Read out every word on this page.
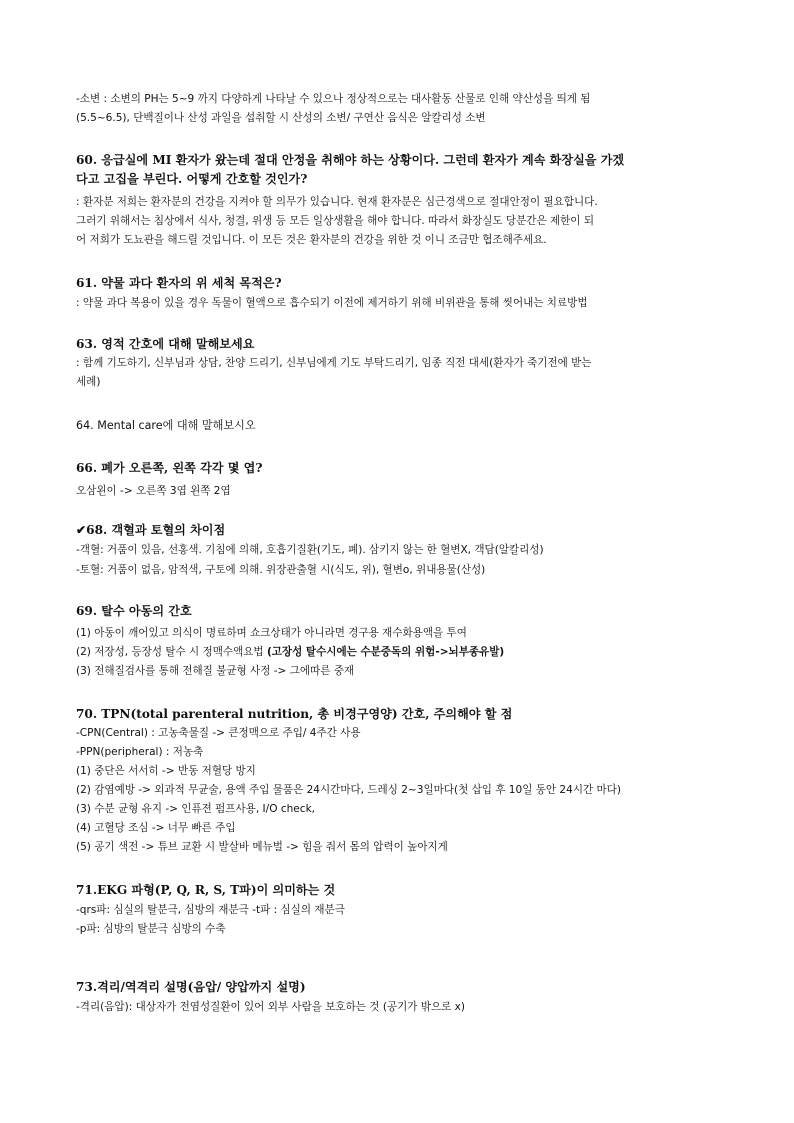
-소변 : 소변의 PH는 5~9 까지 다양하게 나타날 수 있으나 정상적으로는 대사활동 산물로 인해 약산성을 띄게 됨
(5.5~6.5), 단백질이나 산성 과일을 섭취할 시 산성의 소변/ 구연산 음식은 알칼리성 소변
60. 응급실에 MI 환자가 왔는데 절대 안정을 취해야 하는 상황이다. 그런데 환자가 계속 화장실을 가겠
다고 고집을 부린다. 어떻게 간호할 것인가?
: 환자분 저희는 환자분의 건강을 지켜야 할 의무가 있습니다. 현재 환자분은 심근경색으로 절대안정이 필요합니다.
그러기 위해서는 침상에서 식사, 청결, 위생 등 모든 일상생활을 해야 합니다. 따라서 화장실도 당분간은 제한이 되
어 저희가 도뇨관을 해드릴 것입니다. 이 모든 것은 환자분의 건강을 위한 것 이니 조금만 협조해주세요.
61. 약물 과다 환자의 위 세척 목적은?
: 약물 과다 복용이 있을 경우 독물이 혈액으로 흡수되기 이전에 제거하기 위해 비위관을 통해 씻어내는 치료방법
63. 영적 간호에 대해 말해보세요
: 함께 기도하기, 신부님과 상담, 찬양 드리기, 신부님에게 기도 부탁드리기, 임종 직전 대세(환자가 죽기전에 받는
세례)
64. Mental care에 대해 말해보시오
66. 폐가 오른쪽, 왼쪽 각각 몇 엽?
오삼왼이 -> 오른쪽 3엽 왼쪽 2엽
✔68. 객혈과 토혈의 차이점
-객혈: 거품이 있음, 선홍색. 기침에 의해, 호흡기질환(기도, 폐). 삼키지 않는 한 혈변X, 객담(알칼리성)
-토혈: 거품이 없음, 암적색, 구토에 의해. 위장관출혈 시(식도, 위), 혈변o, 위내용물(산성)
69. 탈수 아동의 간호
(1) 아동이 깨어있고 의식이 명료하며 쇼크상태가 아니라면 경구용 재수화용액을 투여
(2) 저장성, 등장성 탈수 시 정맥수액요법 (고장성 탈수시에는 수분중독의 위험->뇌부종유발)
(3) 전해질검사를 통해 전해질 불균형 사정 -> 그에따른 중재
70. TPN(total parenteral nutrition, 총 비경구영양) 간호, 주의해야 할 점
-CPN(Central) : 고농축물질 -> 큰정맥으로 주입/ 4주간 사용
-PPN(peripheral) : 저농축
(1) 중단은 서서히 -> 반동 저혈당 방지
(2) 감염예방 -> 외과적 무균술, 용액 주입 물품은 24시간마다, 드레싱 2~3일마다(첫 삽입 후 10일 동안 24시간 마다)
(3) 수분 균형 유지 -> 인퓨젼 펌프사용, I/O check,
(4) 고혈당 조심 -> 너무 빠른 주입
(5) 공기 색전 -> 튜브 교환 시 발살바 메뉴벌 -> 힘을 줘서 몸의 압력이 높아지게
71.EKG 파형(P, Q, R, S, T파)이 의미하는 것
-qrs파: 심실의 탈분극, 심방의 재분극 -t파 : 심실의 재분극
-p파: 심방의 탈분극 심방의 수축
73.격리/역격리 설명(음압/ 양압까지 설명)
-격리(음압): 대상자가 전염성질환이 있어 외부 사람을 보호하는 것 (공기가 밖으로 x)
